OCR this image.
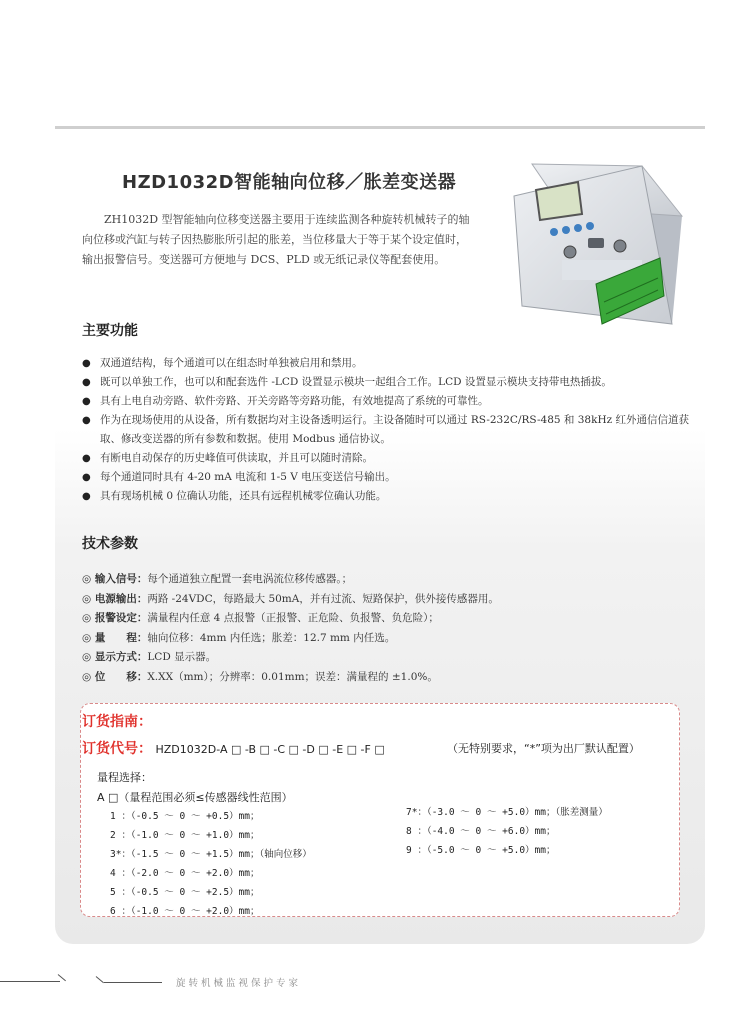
HZD1032D智能轴向位移／胀差变送器

ZH1032D 型智能轴向位移变送器主要用于连续监测各种旋转机械转子的轴向位移或汽缸与转子因热膨胀所引起的胀差，当位移量大于等于某个设定值时，输出报警信号。变送器可方便地与 DCS、PLD 或无纸记录仪等配套使用。

主要功能
● 双通道结构，每个通道可以在组态时单独被启用和禁用。
● 既可以单独工作，也可以和配套选件 -LCD 设置显示模块一起组合工作。LCD 设置显示模块支持带电热插拔。
● 具有上电自动旁路、软件旁路、开关旁路等旁路功能，有效地提高了系统的可靠性。
● 作为在现场使用的从设备，所有数据均对主设备透明运行。主设备随时可以通过 RS-232C/RS-485 和 38kHz 红外通信信道获取、修改变送器的所有参数和数据。使用 Modbus 通信协议。
● 有断电自动保存的历史峰值可供读取，并且可以随时清除。
● 每个通道同时具有 4-20 mA 电流和 1-5 V 电压变送信号输出。
● 具有现场机械 0 位确认功能，还具有远程机械零位确认功能。
技术参数
◎ 输入信号：每个通道独立配置一套电涡流位移传感器。；
◎ 电源输出：两路 -24VDC，每路最大 50mA，并有过流、短路保护，供外接传感器用。
◎ 报警设定：满量程内任意 4 点报警（正报警、正危险、负报警、负危险）；
◎ 量　　程：轴向位移：4mm 内任选；胀差：12.7 mm 内任选。
◎ 显示方式：LCD 显示器。
◎ 位　　移：X.XX（mm）；分辨率：0.01mm；误差：满量程的 ±1.0%。
订货指南：
订货代号： HZD1032D-A □ -B □ -C □ -D □ -E □ -F □	（无特别要求，“*”项为出厂默认配置）
量程选择：
A □（量程范围必须≤传感器线性范围）
1 ：（-0.5 ～ 0 ～ +0.5）mm；
2 ：（-1.0 ～ 0 ～ +1.0）mm；
3*：（-1.5 ～ 0 ～ +1.5）mm；（轴向位移）
4 ：（-2.0 ～ 0 ～ +2.0）mm；
5 ：（-0.5 ～ 0 ～ +2.5）mm；
6 ：（-1.0 ～ 0 ～ +2.0）mm；
7*：（-3.0 ～ 0 ～ +5.0）mm；（胀差测量）
8 ：（-4.0 ～ 0 ～ +6.0）mm；
9 ：（-5.0 ～ 0 ～ +5.0）mm；
旋转机械监视保护专家
